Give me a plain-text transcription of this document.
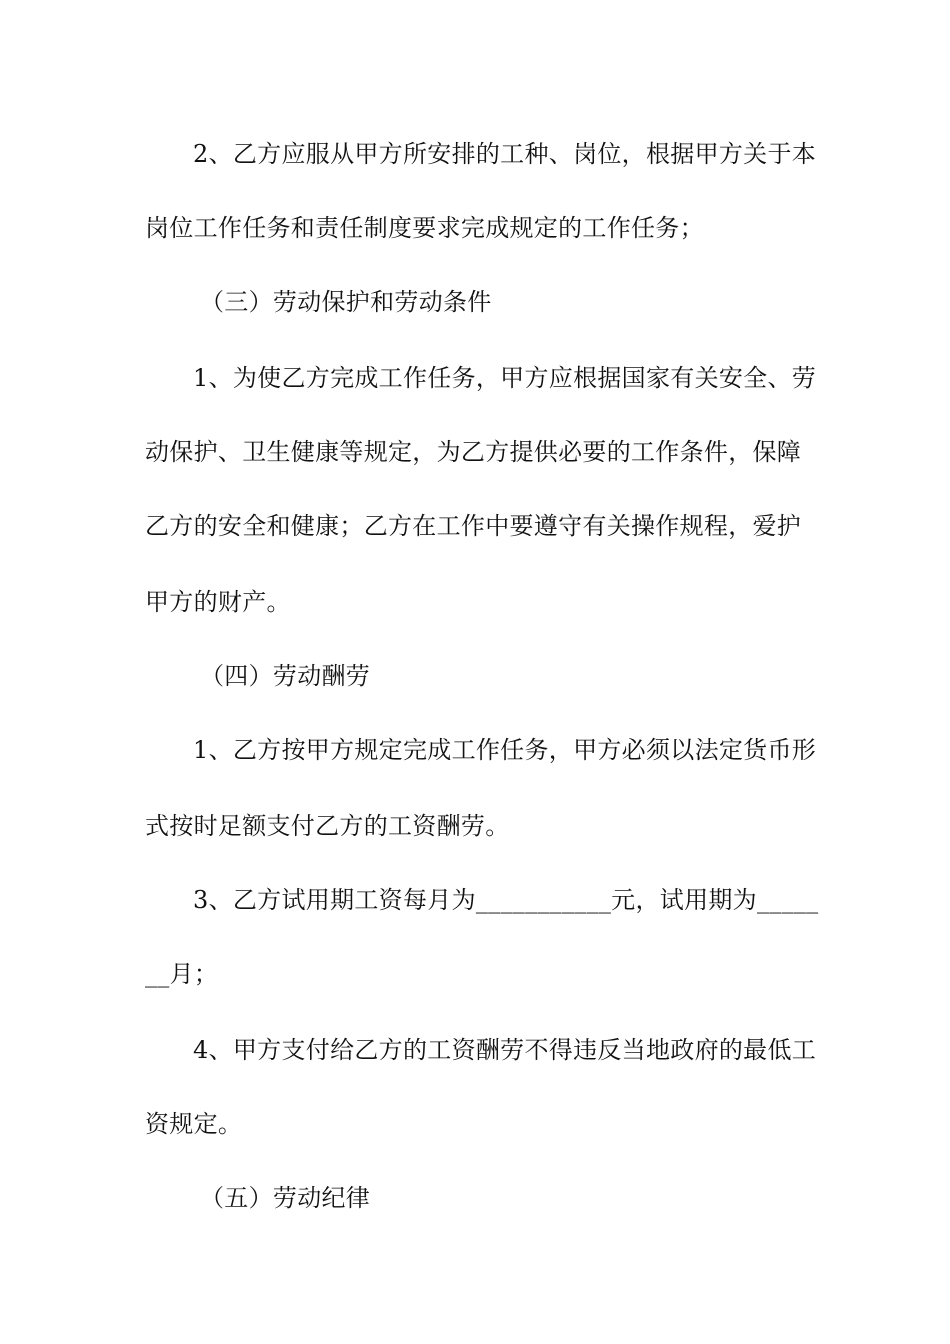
2、乙方应服从甲方所安排的工种、岗位，根据甲方关于本
岗位工作任务和责任制度要求完成规定的工作任务；
（三）劳动保护和劳动条件
1、为使乙方完成工作任务，甲方应根据国家有关安全、劳
动保护、卫生健康等规定，为乙方提供必要的工作条件，保障
乙方的安全和健康；乙方在工作中要遵守有关操作规程，爱护
甲方的财产。
（四）劳动酬劳
1、乙方按甲方规定完成工作任务，甲方必须以法定货币形
式按时足额支付乙方的工资酬劳。
3、乙方试用期工资每月为___________元，试用期为_____
__月；
4、甲方支付给乙方的工资酬劳不得违反当地政府的最低工
资规定。
（五）劳动纪律
